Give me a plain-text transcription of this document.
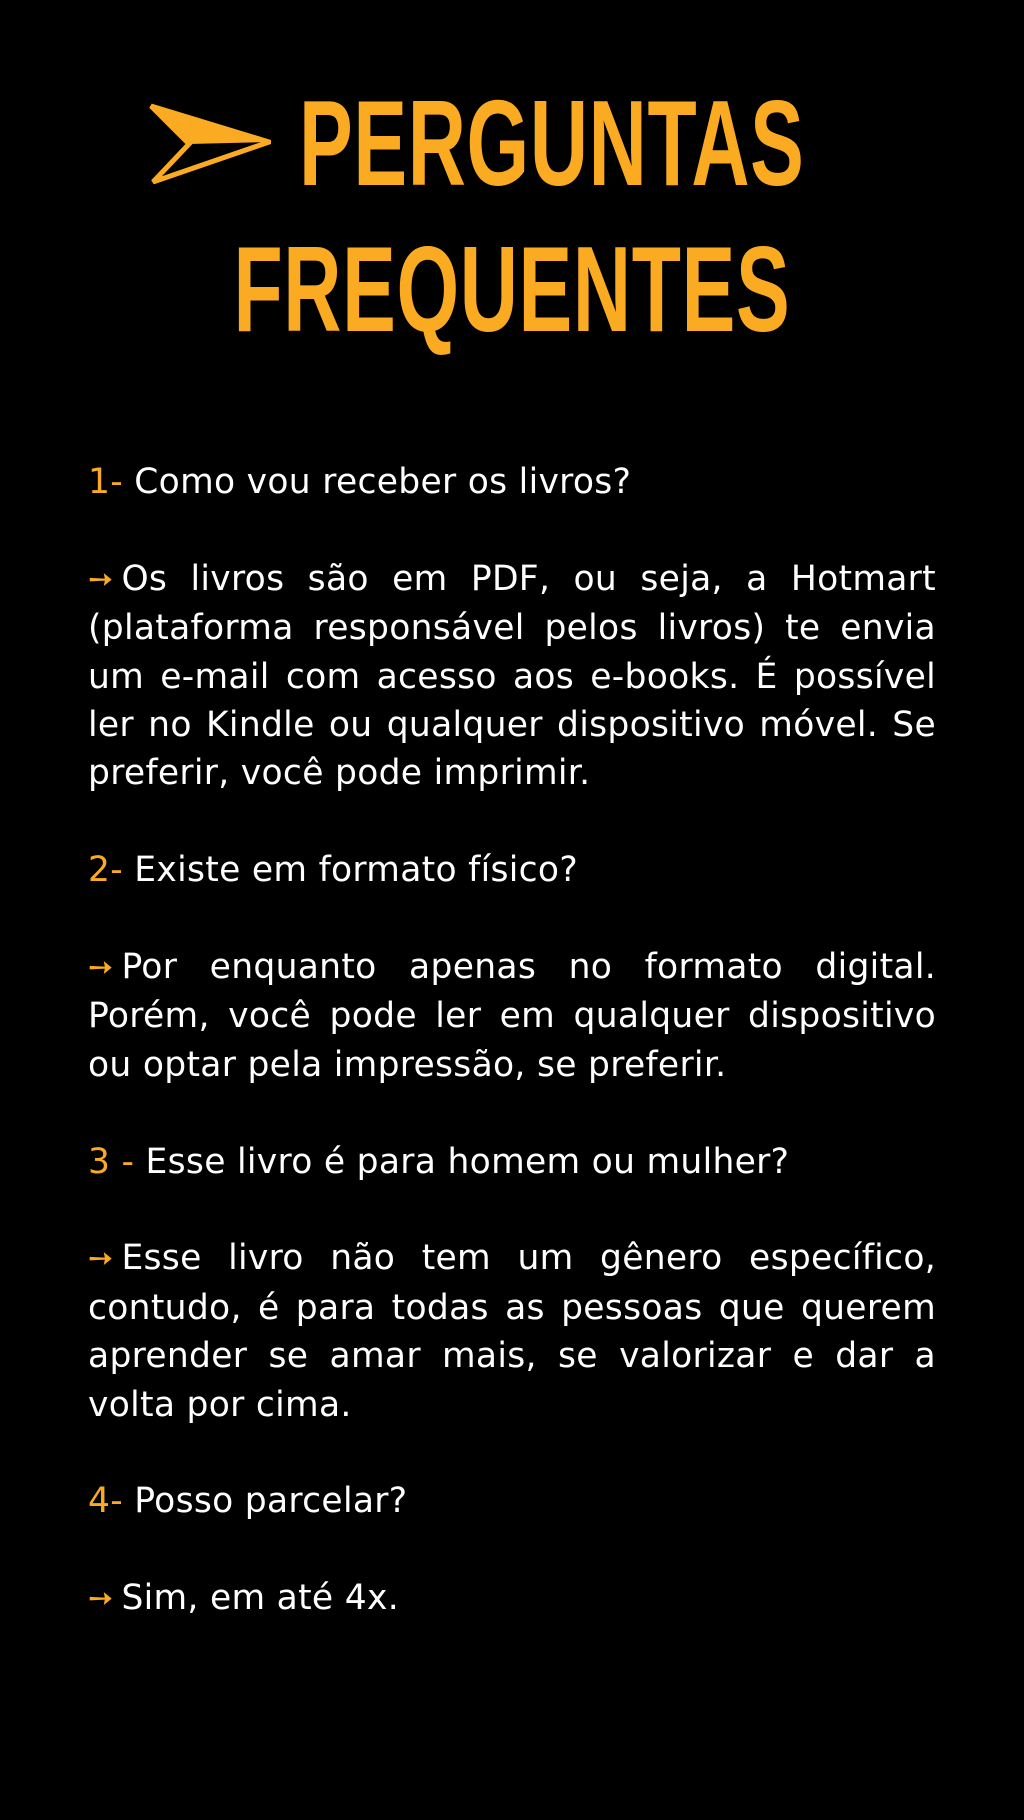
PERGUNTAS
FREQUENTES

1- Como vou receber os livros?

➙ Os livros são em PDF, ou seja, a Hotmart (plataforma responsável pelos livros) te envia um e-mail com acesso aos e-books. É possível ler no Kindle ou qualquer dispositivo móvel. Se preferir, você pode imprimir.

2- Existe em formato físico?

➙ Por enquanto apenas no formato digital. Porém, você pode ler em qualquer dispositivo ou optar pela impressão, se preferir.

3 - Esse livro é para homem ou mulher?

➙ Esse livro não tem um gênero específico, contudo, é para todas as pessoas que querem aprender se amar mais, se valorizar e dar a volta por cima.

4- Posso parcelar?

➙ Sim, em até 4x.
